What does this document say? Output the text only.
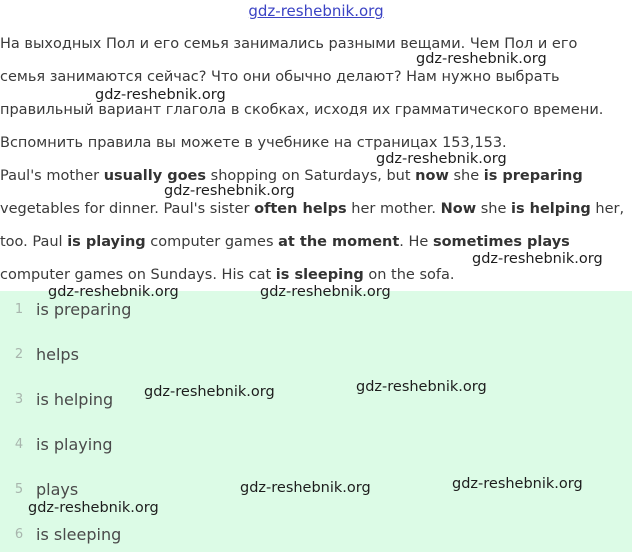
gdz-reshebnik.org
На выходных Пол и его семья занимались разными вещами. Чем Пол и его
семья занимаются сейчас? Что они обычно делают? Нам нужно выбрать
правильный вариант глагола в скобках, исходя их грамматического времени.
Вспомнить правила вы можете в учебнике на страницах 153,153.
Paul's mother usually goes shopping on Saturdays, but now she is preparing
vegetables for dinner. Paul's sister often helps her mother. Now she is helping her,
too. Paul is playing computer games at the moment. He sometimes plays
computer games on Sundays. His cat is sleeping on the sofa.
1 is preparing
2 helps
3 is helping
4 is playing
5 plays
6 is sleeping
gdz-reshebnik.org
gdz-reshebnik.org
gdz-reshebnik.org
gdz-reshebnik.org
gdz-reshebnik.org
gdz-reshebnik.org	gdz-reshebnik.org
gdz-reshebnik.org	gdz-reshebnik.org
gdz-reshebnik.org	gdz-reshebnik.org
gdz-reshebnik.org
